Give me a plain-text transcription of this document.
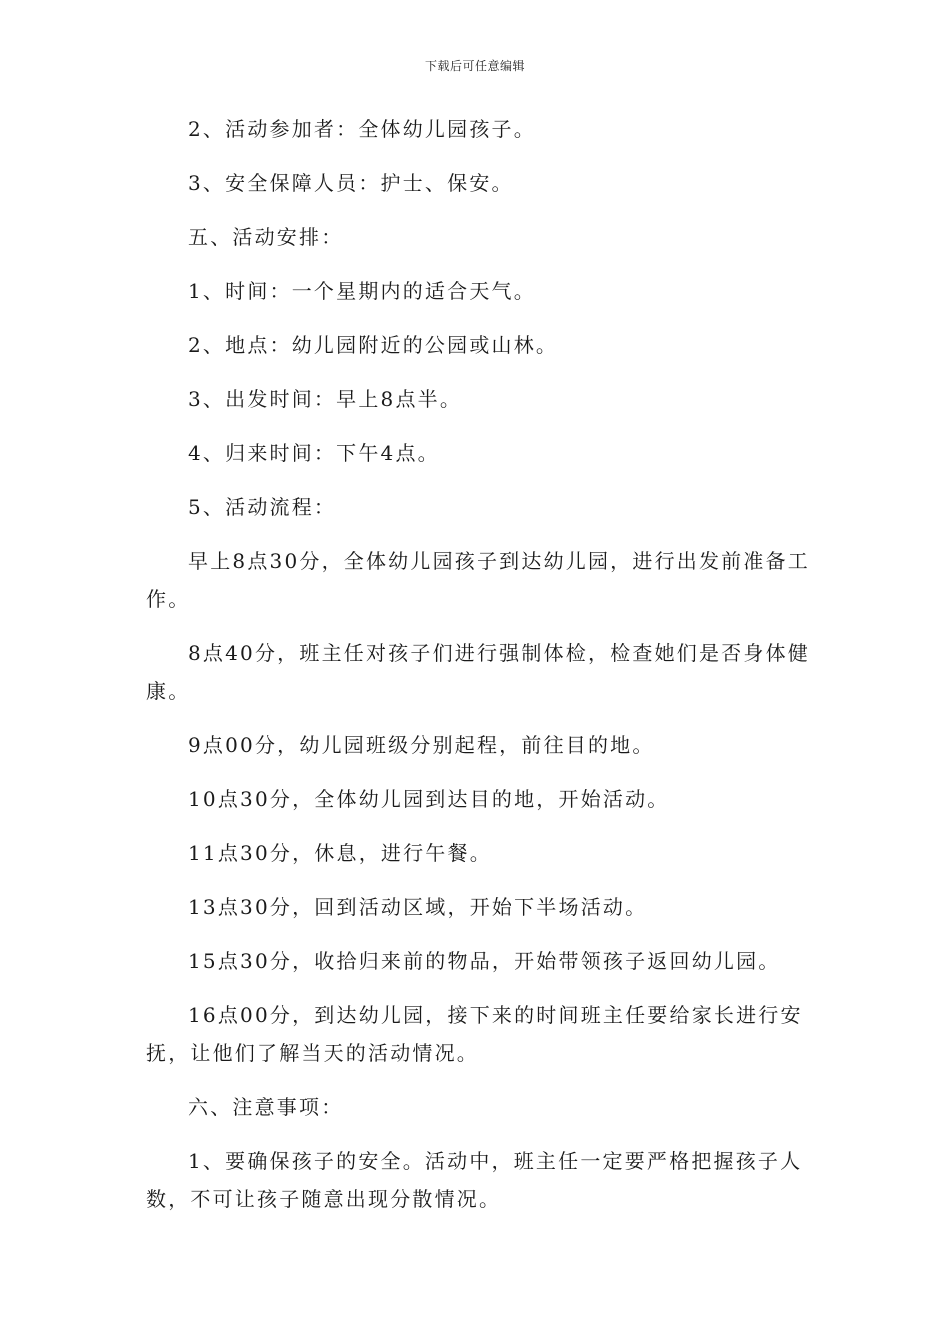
下载后可任意编辑

2、活动参加者：全体幼儿园孩子。

3、安全保障人员：护士、保安。

五、活动安排：

1、时间：一个星期内的适合天气。

2、地点：幼儿园附近的公园或山林。

3、出发时间：早上8点半。

4、归来时间：下午4点。

5、活动流程：

早上8点30分，全体幼儿园孩子到达幼儿园，进行出发前准备工作。

8点40分，班主任对孩子们进行强制体检，检查她们是否身体健康。

9点00分，幼儿园班级分别起程，前往目的地。

10点30分，全体幼儿园到达目的地，开始活动。

11点30分，休息，进行午餐。

13点30分，回到活动区域，开始下半场活动。

15点30分，收拾归来前的物品，开始带领孩子返回幼儿园。

16点00分，到达幼儿园，接下来的时间班主任要给家长进行安抚，让他们了解当天的活动情况。

六、注意事项：

1、要确保孩子的安全。活动中，班主任一定要严格把握孩子人数，不可让孩子随意出现分散情况。
